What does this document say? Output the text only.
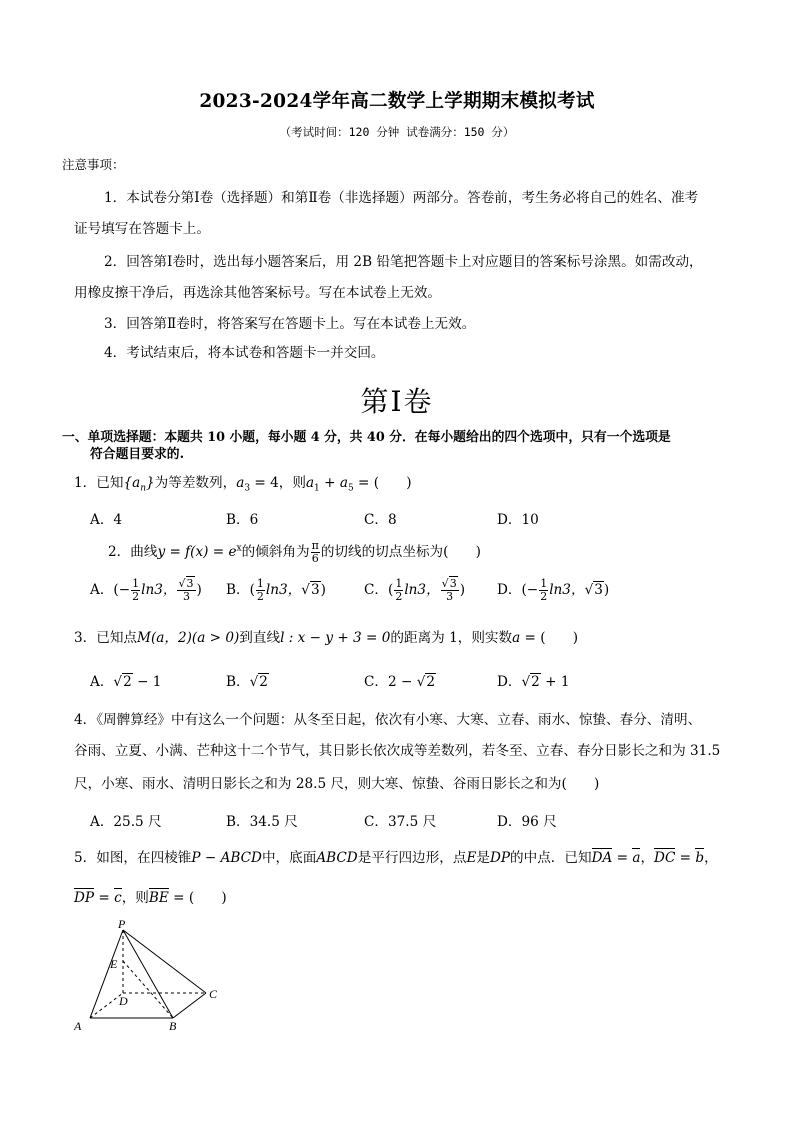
2023-2024学年高二数学上学期期末模拟考试
（考试时间：120 分钟 试卷满分：150 分）
注意事项：
1．本试卷分第Ⅰ卷（选择题）和第Ⅱ卷（非选择题）两部分。答卷前，考生务必将自己的姓名、准考
证号填写在答题卡上。
2．回答第Ⅰ卷时，选出每小题答案后，用 2B 铅笔把答题卡上对应题目的答案标号涂黑。如需改动，
用橡皮擦干净后，再选涂其他答案标号。写在本试卷上无效。
3．回答第Ⅱ卷时，将答案写在答题卡上。写在本试卷上无效。
4．考试结束后，将本试卷和答题卡一并交回。
第Ⅰ卷
一、单项选择题：本题共 10 小题，每小题 4 分，共 40 分．在每小题给出的四个选项中，只有一个选项是
符合题目要求的.
1．已知$\{a_n\}$为等差数列，$a_3 = 4$，则$a_1 + a_5$ = (　　)
A．4	B．6	C．8	D．10
2．曲线$y = f(x) = e^x$的倾斜角为 $\frac{\pi}{6}$ 的切线的切点坐标为(　　)
A．(− $\frac{1}{2} \ln 3$， $\frac{√3}{3}$ ) B．( $\frac{1}{2} \ln 3$，√3)	C．( $\frac{1}{2} \ln 3$， $\frac{√3}{3}$ ) D．(− $\frac{1}{2} \ln 3$，√3)
3．已知点M(a，2)(a > 0)到直线l : x − y + 3 = 0的距离为 1，则实数a = (　　)
A．√2 − 1	B．√2	C．2 − √2	D．√2 + 1
4．《周髀算经》中有这么一个问题：从冬至日起，依次有小寒、大寒、立春、雨水、惊蛰、春分、清明、
谷雨、立夏、小满、芒种这十二个节气，其日影长依次成等差数列，若冬至、立春、春分日影长之和为 31.5
尺，小寒、雨水、清明日影长之和为 28.5 尺，则大寒、惊蛰、谷雨日影长之和为(　　)
A．25.5 尺	B．34.5 尺	C．37.5 尺	D．96 尺
5．如图，在四棱锥P − ABCD中，底面ABCD是平行四边形，点E是DP的中点．已知DA = a，DC = b，
DP = c，则BE = (　　)
P
E
D	C
A	B
